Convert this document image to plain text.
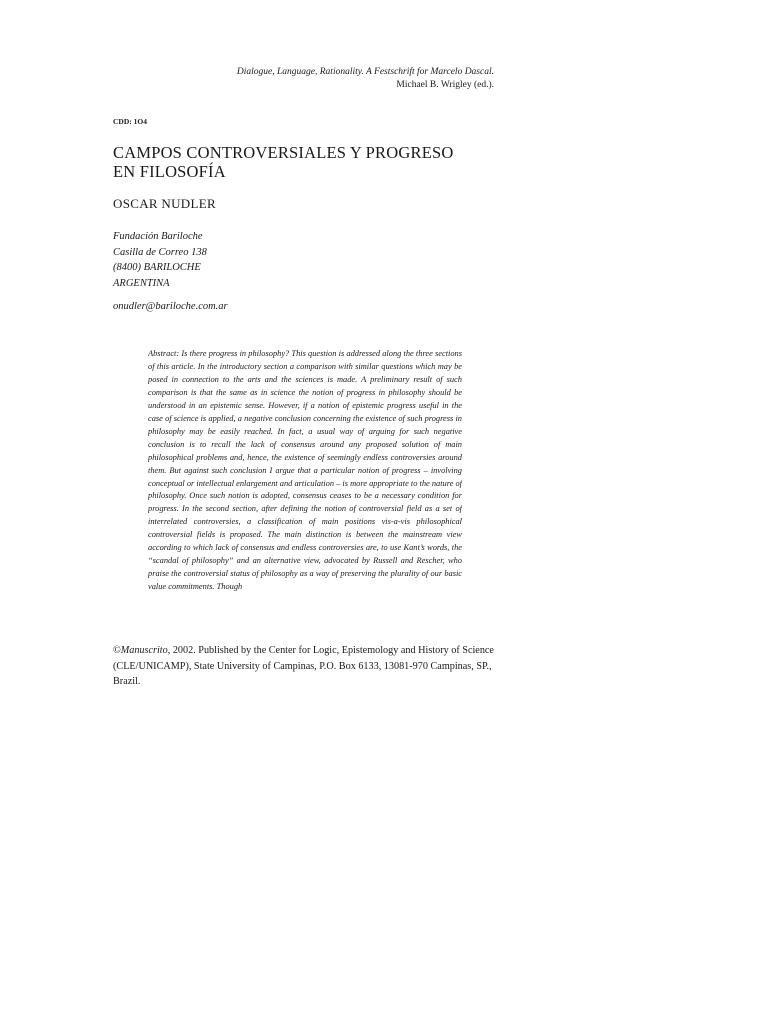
Dialogue, Language, Rationality. A Festschrift for Marcelo Dascal.
Michael B. Wrigley (ed.).
CDD: 1O4
CAMPOS CONTROVERSIALES Y PROGRESO
EN FILOSOFÍA
OSCAR NUDLER
Fundación Bariloche
Casilla de Correo 138
(8400) BARILOCHE
ARGENTINA
onudler@bariloche.com.ar

Abstract: Is there progress in philosophy? This question is addressed along the three sections of this article. In the introductory section a comparison with similar questions which may be posed in connection to the arts and the sciences is made. A preliminary result of such comparison is that the same as in science the notion of progress in philosophy should be understood in an epistemic sense. However, if a notion of epistemic progress useful in the case of science is applied, a negative conclusion concerning the existence of such progress in philosophy may be easily reached. In fact, a usual way of arguing for such negative conclusion is to recall the lack of consensus around any proposed solution of main philosophical problems and, hence, the existence of seemingly endless controversies around them. But against such conclusion I argue that a particular notion of progress – involving conceptual or intellectual enlargement and articulation – is more appropriate to the nature of philosophy. Once such notion is adopted, consensus ceases to be a necessary condition for progress. In the second section, after defining the notion of controversial field as a set of interrelated controversies, a classification of main positions vis-a-vis philosophical controversial fields is proposed. The main distinction is between the mainstream view according to which lack of consensus and endless controversies are, to use Kant’s words, the “scandal of philosophy” and an alternative view, advocated by Russell and Rescher, who praise the controversial status of philosophy as a way of preserving the plurality of our basic value commitments. Though

©Manuscrito, 2002. Published by the Center for Logic, Epistemology and History of Science (CLE/UNICAMP), State University of Campinas, P.O. Box 6133, 13081-970 Campinas, SP., Brazil.
